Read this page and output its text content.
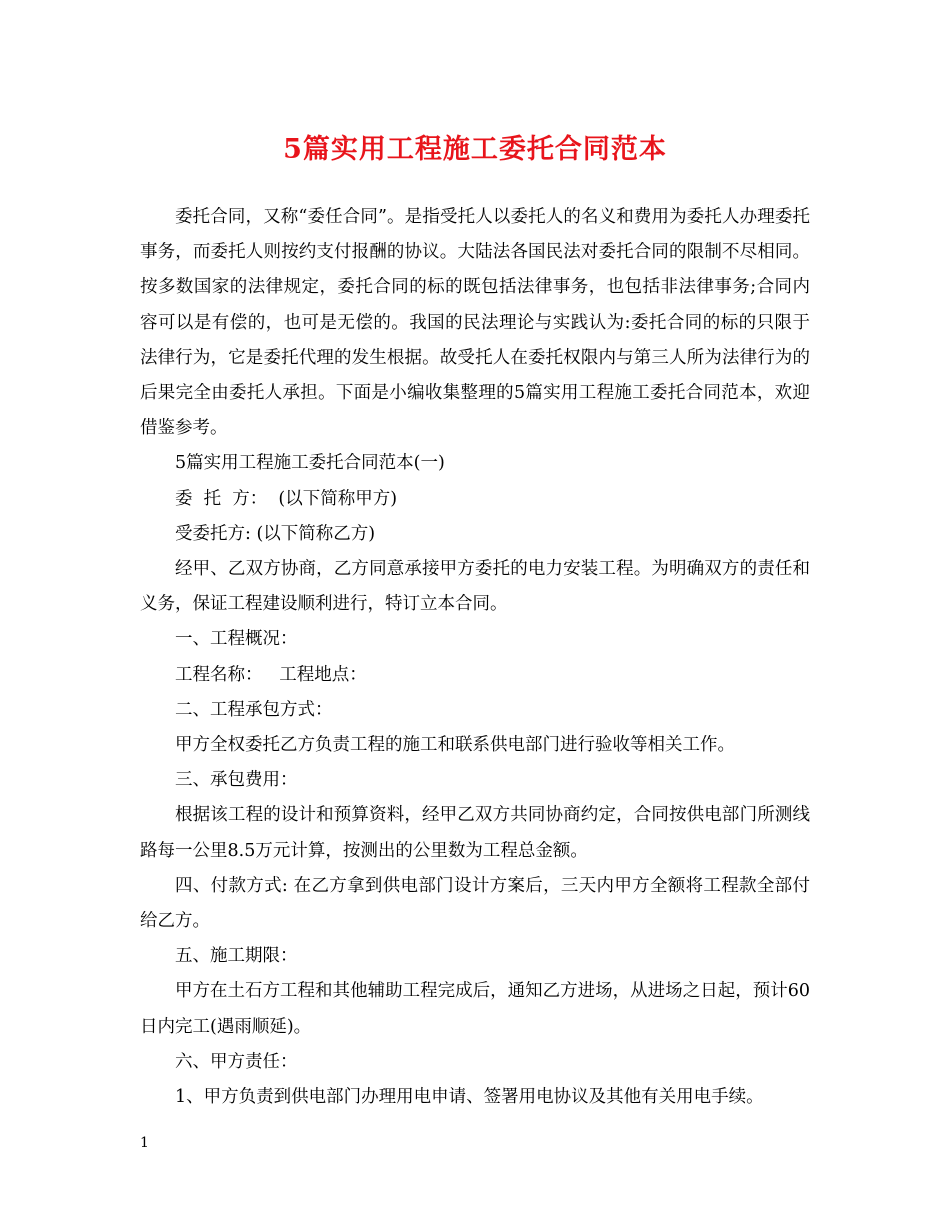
5篇实用工程施工委托合同范本

委托合同，又称“委任合同”。是指受托人以委托人的名义和费用为委托人办理委托事务，而委托人则按约支付报酬的协议。大陆法各国民法对委托合同的限制不尽相同。按多数国家的法律规定，委托合同的标的既包括法律事务，也包括非法律事务;合同内容可以是有偿的，也可是无偿的。我国的民法理论与实践认为:委托合同的标的只限于法律行为，它是委托代理的发生根据。故受托人在委托权限内与第三人所为法律行为的后果完全由委托人承担。下面是小编收集整理的5篇实用工程施工委托合同范本，欢迎借鉴参考。

5篇实用工程施工委托合同范本(一)

委  托  方：  (以下简称甲方)

受委托方: (以下简称乙方)

经甲、乙双方协商，乙方同意承接甲方委托的电力安装工程。为明确双方的责任和义务，保证工程建设顺利进行，特订立本合同。

一、工程概况：

工程名称：   工程地点：

二、工程承包方式：

甲方全权委托乙方负责工程的施工和联系供电部门进行验收等相关工作。

三、承包费用：

根据该工程的设计和预算资料，经甲乙双方共同协商约定，合同按供电部门所测线路每一公里8.5万元计算，按测出的公里数为工程总金额。

四、付款方式: 在乙方拿到供电部门设计方案后，三天内甲方全额将工程款全部付给乙方。

五、施工期限：

甲方在土石方工程和其他辅助工程完成后，通知乙方进场，从进场之日起，预计60日内完工(遇雨顺延)。

六、甲方责任：

1、甲方负责到供电部门办理用电申请、签署用电协议及其他有关用电手续。

1
